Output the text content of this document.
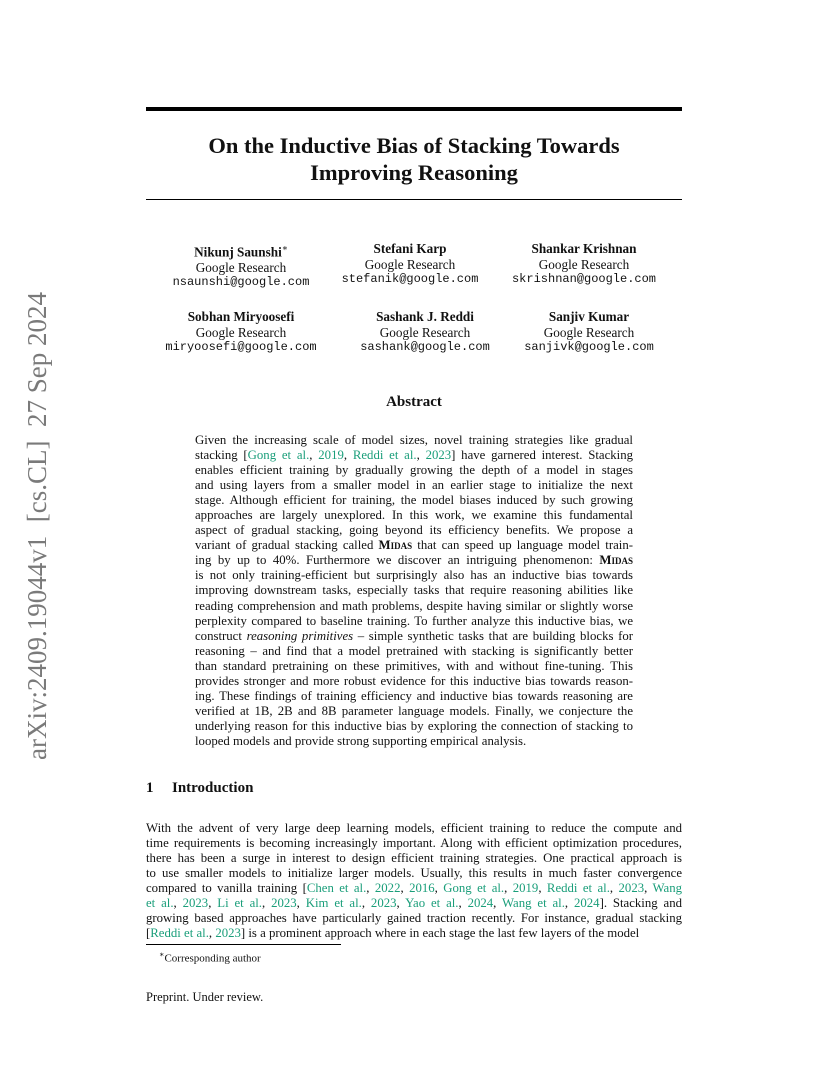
arXiv:2409.19044v1  [cs.CL]  27 Sep 2024
On the Inductive Bias of Stacking Towards
Improving Reasoning
Nikunj Saunshi∗
Google Research
nsaunshi@google.com
Stefani Karp
Google Research
stefanik@google.com
Shankar Krishnan
Google Research
skrishnan@google.com
Sobhan Miryoosefi
Google Research
miryoosefi@google.com
Sashank J. Reddi
Google Research
sashank@google.com
Sanjiv Kumar
Google Research
sanjivk@google.com
Abstract
Given the increasing scale of model sizes, novel training strategies like gradual
stacking [Gong et al., 2019, Reddi et al., 2023] have garnered interest. Stacking
enables efficient training by gradually growing the depth of a model in stages
and using layers from a smaller model in an earlier stage to initialize the next
stage. Although efficient for training, the model biases induced by such growing
approaches are largely unexplored. In this work, we examine this fundamental
aspect of gradual stacking, going beyond its efficiency benefits. We propose a
variant of gradual stacking called Midas that can speed up language model train-
ing by up to 40%. Furthermore we discover an intriguing phenomenon: Midas
is not only training-efficient but surprisingly also has an inductive bias towards
improving downstream tasks, especially tasks that require reasoning abilities like
reading comprehension and math problems, despite having similar or slightly worse
perplexity compared to baseline training. To further analyze this inductive bias, we
construct reasoning primitives – simple synthetic tasks that are building blocks for
reasoning – and find that a model pretrained with stacking is significantly better
than standard pretraining on these primitives, with and without fine-tuning. This
provides stronger and more robust evidence for this inductive bias towards reason-
ing. These findings of training efficiency and inductive bias towards reasoning are
verified at 1B, 2B and 8B parameter language models. Finally, we conjecture the
underlying reason for this inductive bias by exploring the connection of stacking to
looped models and provide strong supporting empirical analysis.
1 Introduction
With the advent of very large deep learning models, efficient training to reduce the compute and
time requirements is becoming increasingly important. Along with efficient optimization procedures,
there has been a surge in interest to design efficient training strategies. One practical approach is
to use smaller models to initialize larger models. Usually, this results in much faster convergence
compared to vanilla training [Chen et al., 2022, 2016, Gong et al., 2019, Reddi et al., 2023, Wang
et al., 2023, Li et al., 2023, Kim et al., 2023, Yao et al., 2024, Wang et al., 2024]. Stacking and
growing based approaches have particularly gained traction recently. For instance, gradual stacking
[Reddi et al., 2023] is a prominent approach where in each stage the last few layers of the model
∗Corresponding author
Preprint. Under review.
